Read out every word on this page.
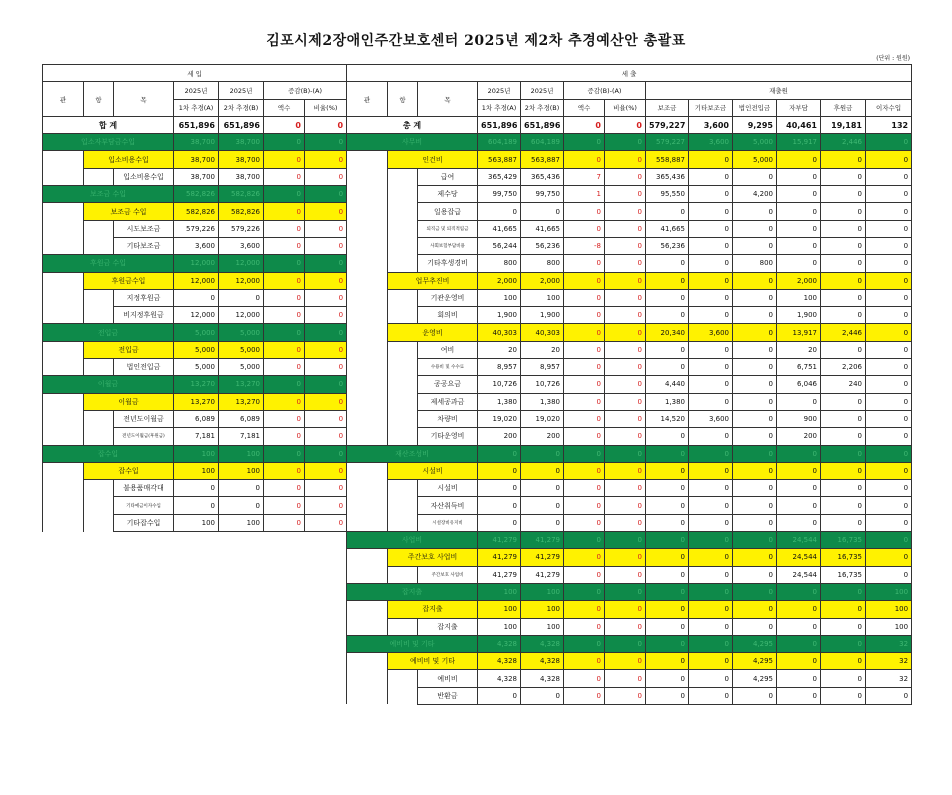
김포시제2장애인주간보호센터 2025년 제2차 추경예산안 총괄표
(단위 : 원원)
세 입						
관	항	목	2025년	2025년	증감(B)-(A)	
			1차 추경(A)	2차 추경(B)	액수	비율(%)
합 계			651,896	651,896	0	0
입소자부담금수입			38,700	38,700	0	0
	입소비용수입		38,700	38,700	0	0
		입소비용수입	38,700	38,700	0	0
보조금 수입			582,826	582,826	0	0
	보조금 수입		582,826	582,826	0	0
		시도보조금	579,226	579,226	0	0
		기타보조금	3,600	3,600	0	0
후원금 수입			12,000	12,000	0	0
	후원금수입		12,000	12,000	0	0
		지정후원금	0	0	0	0
		비지정후원금	12,000	12,000	0	0
전입금			5,000	5,000	0	0
	전입금		5,000	5,000	0	0
		법인전입금	5,000	5,000	0	0
이월금			13,270	13,270	0	0
	이월금		13,270	13,270	0	0
		전년도이월금	6,089	6,089	0	0
		전년도이월금(후원금)	7,181	7,181	0	0
잡수입			100	100	0	0
	잡수입		100	100	0	0
		불용품매각대	0	0	0	0
		기타예금이자수입	0	0	0	0
		기타잡수입	100	100	0	0
세 출												
관	항	목	2025년	2025년	증감(B)-(A)		재출원					
			1차 추경(A)	2차 추경(B)	액수	비율(%)	보조금	기타보조금	법인전입금	자부담	후원금	이자수입
총 계			651,896	651,896	0	0	579,227	3,600	9,295	40,461	19,181	132
사무비			604,189	604,189	0	0	579,227	3,600	5,000	15,917	2,446	0
	인건비		563,887	563,887	0	0	558,887	0	5,000	0	0	0
		급여	365,429	365,436	7	0	365,436	0	0	0	0	0
		제수당	99,750	99,750	1	0	95,550	0	4,200	0	0	0
		일용잡급	0	0	0	0	0	0	0	0	0	0
		퇴직금 및 퇴직적립금	41,665	41,665	0	0	41,665	0	0	0	0	0
		사회보험부담비용	56,244	56,236	-8	0	56,236	0	0	0	0	0
		기타후생경비	800	800	0	0	0	0	800	0	0	0
	업무추진비		2,000	2,000	0	0	0	0	0	2,000	0	0
		기관운영비	100	100	0	0	0	0	0	100	0	0
		회의비	1,900	1,900	0	0	0	0	0	1,900	0	0
	운영비		40,303	40,303	0	0	20,340	3,600	0	13,917	2,446	0
		여비	20	20	0	0	0	0	0	20	0	0
		수용비 및 수수료	8,957	8,957	0	0	0	0	0	6,751	2,206	0
		공공요금	10,726	10,726	0	0	4,440	0	0	6,046	240	0
		제세공과금	1,380	1,380	0	0	1,380	0	0	0	0	0
		차량비	19,020	19,020	0	0	14,520	3,600	0	900	0	0
		기타운영비	200	200	0	0	0	0	0	200	0	0
재산조성비			0	0	0	0	0	0	0	0	0	0
	시설비		0	0	0	0	0	0	0	0	0	0
		시설비	0	0	0	0	0	0	0	0	0	0
		자산취득비	0	0	0	0	0	0	0	0	0	0
		시설장비유지비	0	0	0	0	0	0	0	0	0	0
사업비			41,279	41,279	0	0	0	0	0	24,544	16,735	0
	주간보호 사업비		41,279	41,279	0	0	0	0	0	24,544	16,735	0
		주간보호 사업비	41,279	41,279	0	0	0	0	0	24,544	16,735	0
잡지출			100	100	0	0	0	0	0	0	0	100
	잡지출		100	100	0	0	0	0	0	0	0	100
		잡지출	100	100	0	0	0	0	0	0	0	100
예비비 및 기타			4,328	4,328	0	0	0	0	4,295	0	0	32
	예비비 및 기타		4,328	4,328	0	0	0	0	4,295	0	0	32
		예비비	4,328	4,328	0	0	0	0	4,295	0	0	32
		반환금	0	0	0	0	0	0	0	0	0	0
